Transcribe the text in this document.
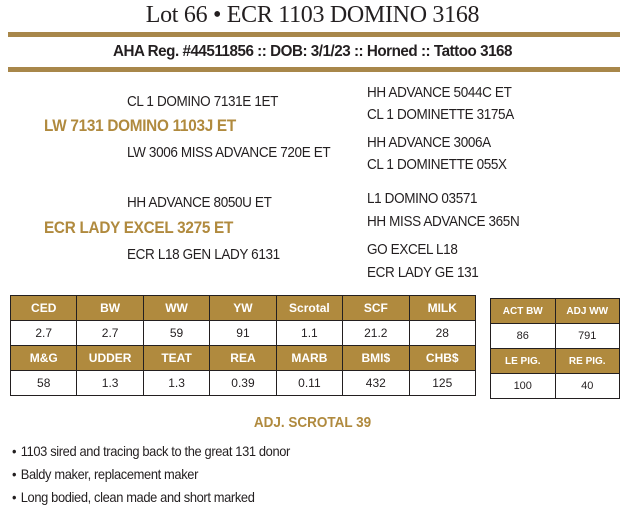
Lot 66 • ECR 1103 DOMINO 3168
AHA Reg. #44511856 :: DOB: 3/1/23 :: Horned :: Tattoo 3168
CL 1 DOMINO 7131E 1ET
LW 7131 DOMINO 1103J ET
LW 3006 MISS ADVANCE 720E ET
HH ADVANCE 5044C ET
CL 1 DOMINETTE 3175A
HH ADVANCE 3006A
CL 1 DOMINETTE 055X
HH ADVANCE 8050U ET
ECR LADY EXCEL 3275 ET
ECR L18 GEN LADY 6131
L1 DOMINO 03571
HH MISS ADVANCE 365N
GO EXCEL L18
ECR LADY GE 131
CED	BW	WW	YW	Scrotal	SCF	MILK
2.7	2.7	59	91	1.1	21.2	28
M&G	UDDER	TEAT	REA	MARB	BMI$	CHB$
58	1.3	1.3	0.39	0.11	432	125
ACT BW	ADJ WW
86	791
LE PIG.	RE PIG.
100	40
ADJ. SCROTAL 39
• 1103 sired and tracing back to the great 131 donor
• Baldy maker, replacement maker
• Long bodied, clean made and short marked
